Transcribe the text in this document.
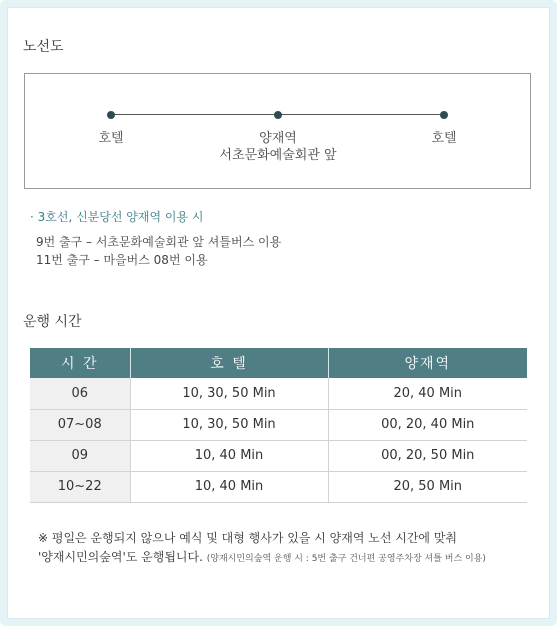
노선도
호텔	양재역
서초문화예술회관 앞
호텔
· 3호선, 신분당선 양재역 이용 시
9번 출구 – 서초문화예술회관 앞 셔틀버스 이용
11번 출구 – 마을버스 08번 이용
운행 시간
시 간	호 텔	양재역
06	10, 30, 50 Min	20, 40 Min
07~08	10, 30, 50 Min	00, 20, 40 Min
09	10, 40 Min	00, 20, 50 Min
10~22	10, 40 Min	20, 50 Min
※ 평일은 운행되지 않으나 예식 및 대형 행사가 있을 시 양재역 노선 시간에 맞춰
'양재시민의숲역'도 운행됩니다. (양재시민의숲역 운행 시 : 5번 출구 건너편 공영주차장 셔틀 버스 이용)
